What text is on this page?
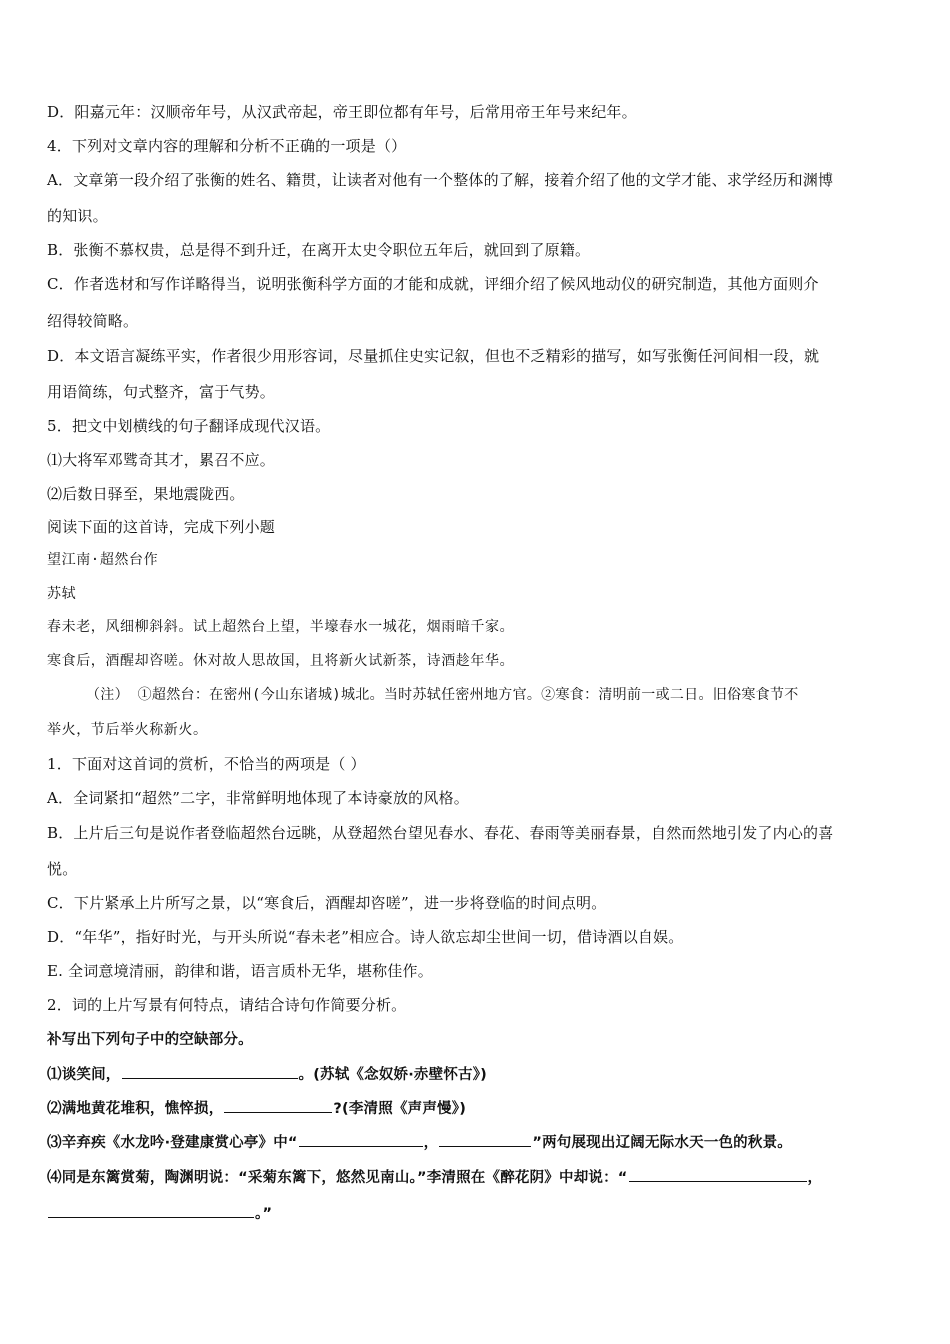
D．阳嘉元年：汉顺帝年号，从汉武帝起，帝王即位都有年号，后常用帝王年号来纪年。
4．下列对文章内容的理解和分析不正确的一项是（）
A．文章第一段介绍了张衡的姓名、籍贯，让读者对他有一个整体的了解，接着介绍了他的文学才能、求学经历和渊博
的知识。
B．张衡不慕权贵，总是得不到升迁，在离开太史令职位五年后，就回到了原籍。
C．作者选材和写作详略得当，说明张衡科学方面的才能和成就，评细介绍了候风地动仪的研究制造，其他方面则介
绍得较简略。
D．本文语言凝练平实，作者很少用形容词，尽量抓住史实记叙，但也不乏精彩的描写，如写张衡任河间相一段，就
用语简练，句式整齐，富于气势。
5．把文中划横线的句子翻译成现代汉语。
⑴大将军邓骘奇其才，累召不应。
⑵后数日驿至，果地震陇西。
阅读下面的这首诗，完成下列小题
望江南·超然台作
苏轼
春未老，风细柳斜斜。试上超然台上望，半壕春水一城花，烟雨暗千家。
寒食后，酒醒却咨嗟。休对故人思故国，且将新火试新茶，诗酒趁年华。
（注） ①超然台：在密州(今山东诸城)城北。当时苏轼任密州地方官。②寒食：清明前一或二日。旧俗寒食节不
举火，节后举火称新火。
1．下面对这首词的赏析，不恰当的两项是（ ）
A．全词紧扣“超然”二字，非常鲜明地体现了本诗豪放的风格。
B．上片后三句是说作者登临超然台远眺，从登超然台望见春水、春花、春雨等美丽春景，自然而然地引发了内心的喜
悦。
C．下片紧承上片所写之景，以“寒食后，酒醒却咨嗟”，进一步将登临的时间点明。
D．“年华”，指好时光，与开头所说“春未老”相应合。诗人欲忘却尘世间一切，借诗酒以自娱。
E. 全词意境清丽，韵律和谐，语言质朴无华，堪称佳作。
2．词的上片写景有何特点，请结合诗句作简要分析。
补写出下列句子中的空缺部分。
⑴谈笑间，	。(苏轼《念奴娇·赤壁怀古》)
⑵满地黄花堆积，憔悴损，	?(李清照《声声慢》)
⑶辛弃疾《水龙吟·登建康赏心亭》中“	，	”两句展现出辽阔无际水天一色的秋景。
⑷同是东篱赏菊，陶渊明说：“采菊东篱下，悠然见南山。”李清照在《醉花阴》中却说：“	，
。”
